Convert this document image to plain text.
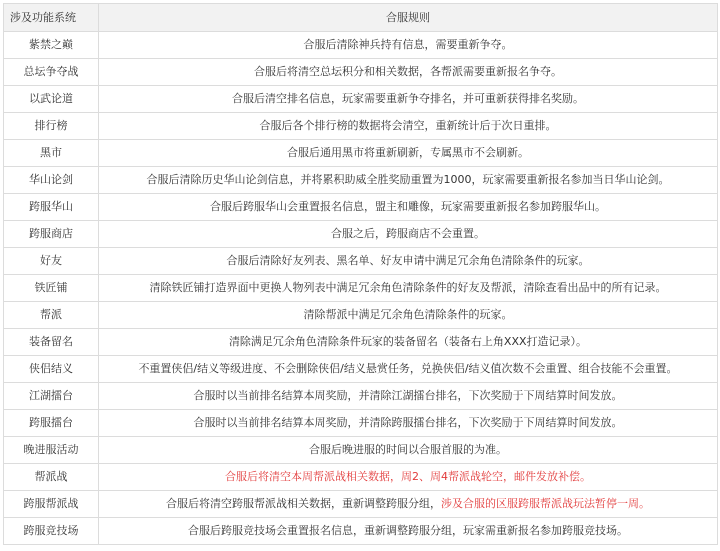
涉及功能系统	合服规则
紫禁之巅	合服后清除神兵持有信息，需要重新争夺。
总坛争夺战	合服后将清空总坛积分和相关数据，各帮派需要重新报名争夺。
以武论道	合服后清空排名信息，玩家需要重新争夺排名，并可重新获得排名奖励。
排行榜	合服后各个排行榜的数据将会清空，重新统计后于次日重排。
黑市	合服后通用黑市将重新刷新，专属黑市不会刷新。
华山论剑	合服后清除历史华山论剑信息，并将累积助威全胜奖励重置为1000，玩家需要重新报名参加当日华山论剑。
跨服华山	合服后跨服华山会重置报名信息，盟主和雕像，玩家需要重新报名参加跨服华山。
跨服商店	合服之后，跨服商店不会重置。
好友	合服后清除好友列表、黑名单、好友申请中满足冗余角色清除条件的玩家。
铁匠铺	清除铁匠铺打造界面中更换人物列表中满足冗余角色清除条件的好友及帮派，清除查看出品中的所有记录。
帮派	清除帮派中满足冗余角色清除条件的玩家。
装备留名	清除满足冗余角色清除条件玩家的装备留名（装备右上角XXX打造记录）。
侠侣结义	不重置侠侣/结义等级进度、不会删除侠侣/结义悬赏任务，兑换侠侣/结义值次数不会重置、组合技能不会重置。
江湖擂台	合服时以当前排名结算本周奖励，并清除江湖擂台排名，下次奖励于下周结算时间发放。
跨服擂台	合服时以当前排名结算本周奖励，并清除跨服擂台排名，下次奖励于下周结算时间发放。
晚进服活动	合服后晚进服的时间以合服首服的为准。
帮派战	合服后将清空本周帮派战相关数据，周2、周4帮派战轮空，邮件发放补偿。
跨服帮派战	合服后将清空跨服帮派战相关数据，重新调整跨服分组，涉及合服的区服跨服帮派战玩法暂停一周。
跨服竞技场	合服后跨服竞技场会重置报名信息，重新调整跨服分组，玩家需重新报名参加跨服竞技场。
